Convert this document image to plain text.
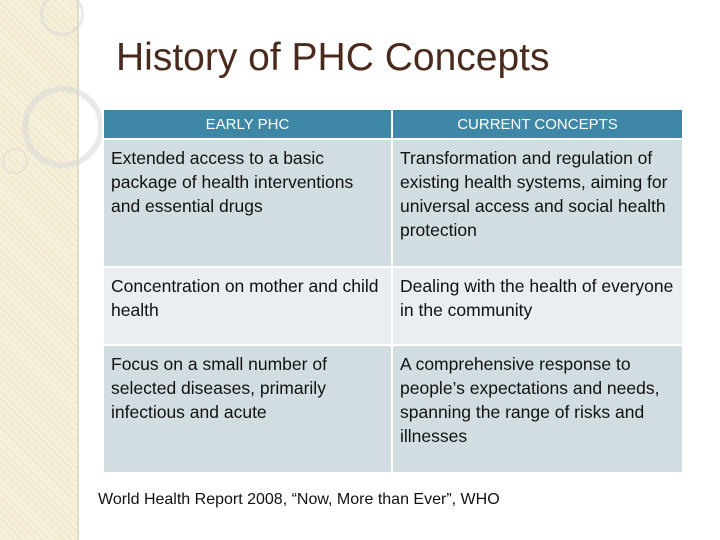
History of PHC Concepts
EARLY PHC	CURRENT CONCEPTS
Extended access to a basic package of health interventions and essential drugs	Transformation and regulation of existing health systems, aiming for universal access and social health protection
Concentration on mother and child health	Dealing with the health of everyone in the community
Focus on a small number of selected diseases, primarily infectious and acute	A comprehensive response to people’s expectations and needs, spanning the range of risks and illnesses

World Health Report 2008, “Now, More than Ever”, WHO
